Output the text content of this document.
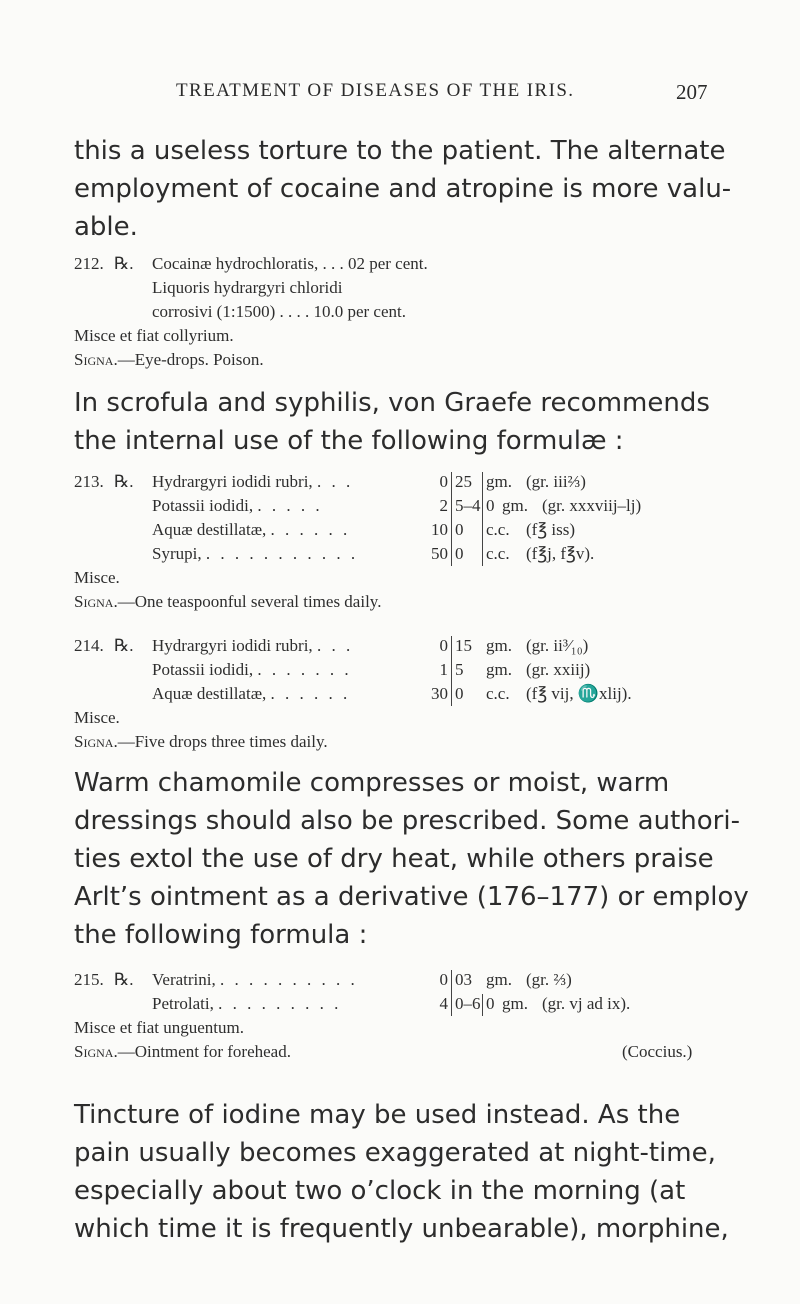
TREATMENT OF DISEASES OF THE IRIS.	207
this a useless torture to the patient. The alternate
employment of cocaine and atropine is more valu-
able.
212. ℞. Cocainæ hydrochloratis, . . . 02 per cent.
Liquoris hydrargyri chloridi
corrosivi (1:1500) . . . . 10.0 per cent.
Misce et fiat collyrium.
Signa.—Eye-drops. Poison.
In scrofula and syphilis, von Graefe recommends
the internal use of the following formulæ :
213. ℞. Hydrargyri iodidi rubri, . . .	0 25 gm. (gr. iii⅔)
Potassii iodidi, . . . . .	2 5–4 0 gm. (gr. xxxviij–lj)
Aquæ destillatæ, . . . . . .	10 0 c.c. (f℥ iss)
Syrupi, . . . . . . . . . . .	50 0 c.c. (f℥j, f℥v).
Misce.
Signa.—One teaspoonful several times daily.
214. ℞. Hydrargyri iodidi rubri, . . .	0 15 gm. (gr. ii³⁄₁₀)
Potassii iodidi, . . . . . . .	1 5 gm. (gr. xxiij)
Aquæ destillatæ, . . . . . .	30 0 c.c. (f℥ vij, ♏xlij).
Misce.
Signa.—Five drops three times daily.
Warm chamomile compresses or moist, warm
dressings should also be prescribed. Some authori-
ties extol the use of dry heat, while others praise
Arlt’s ointment as a derivative (176–177) or employ
the following formula :
215. ℞. Veratrini, . . . . . . . . . .	0 03 gm. (gr. ⅔)
Petrolati, . . . . . . . . .	4 0–6 0 gm. (gr. vj ad ix).
Misce et fiat unguentum.
Signa.—Ointment for forehead.	(Coccius.)
Tincture of iodine may be used instead. As the
pain usually becomes exaggerated at night-time,
especially about two o’clock in the morning (at
which time it is frequently unbearable), morphine,
